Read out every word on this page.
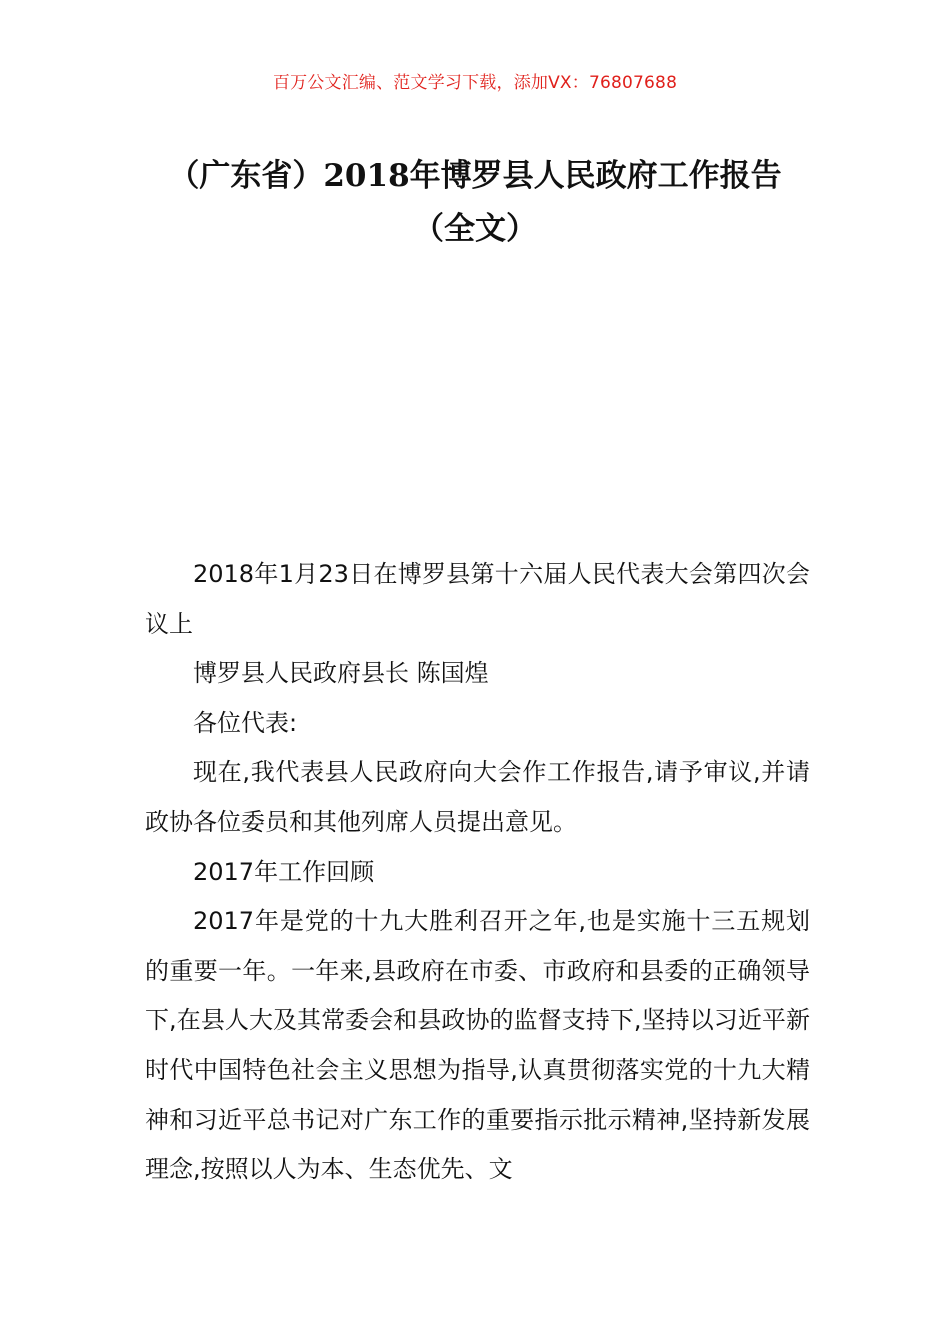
百万公文汇编、范文学习下载，添加VX：76807688
（广东省）2018年博罗县人民政府工作报告（全文）

2018年1月23日在博罗县第十六届人民代表大会第四次会议上

博罗县人民政府县长 陈国煌

各位代表:

现在,我代表县人民政府向大会作工作报告,请予审议,并请政协各位委员和其他列席人员提出意见。

2017年工作回顾

2017年是党的十九大胜利召开之年,也是实施十三五规划的重要一年。一年来,县政府在市委、市政府和县委的正确领导下,在县人大及其常委会和县政协的监督支持下,坚持以习近平新时代中国特色社会主义思想为指导,认真贯彻落实党的十九大精神和习近平总书记对广东工作的重要指示批示精神,坚持新发展理念,按照以人为本、生态优先、文
